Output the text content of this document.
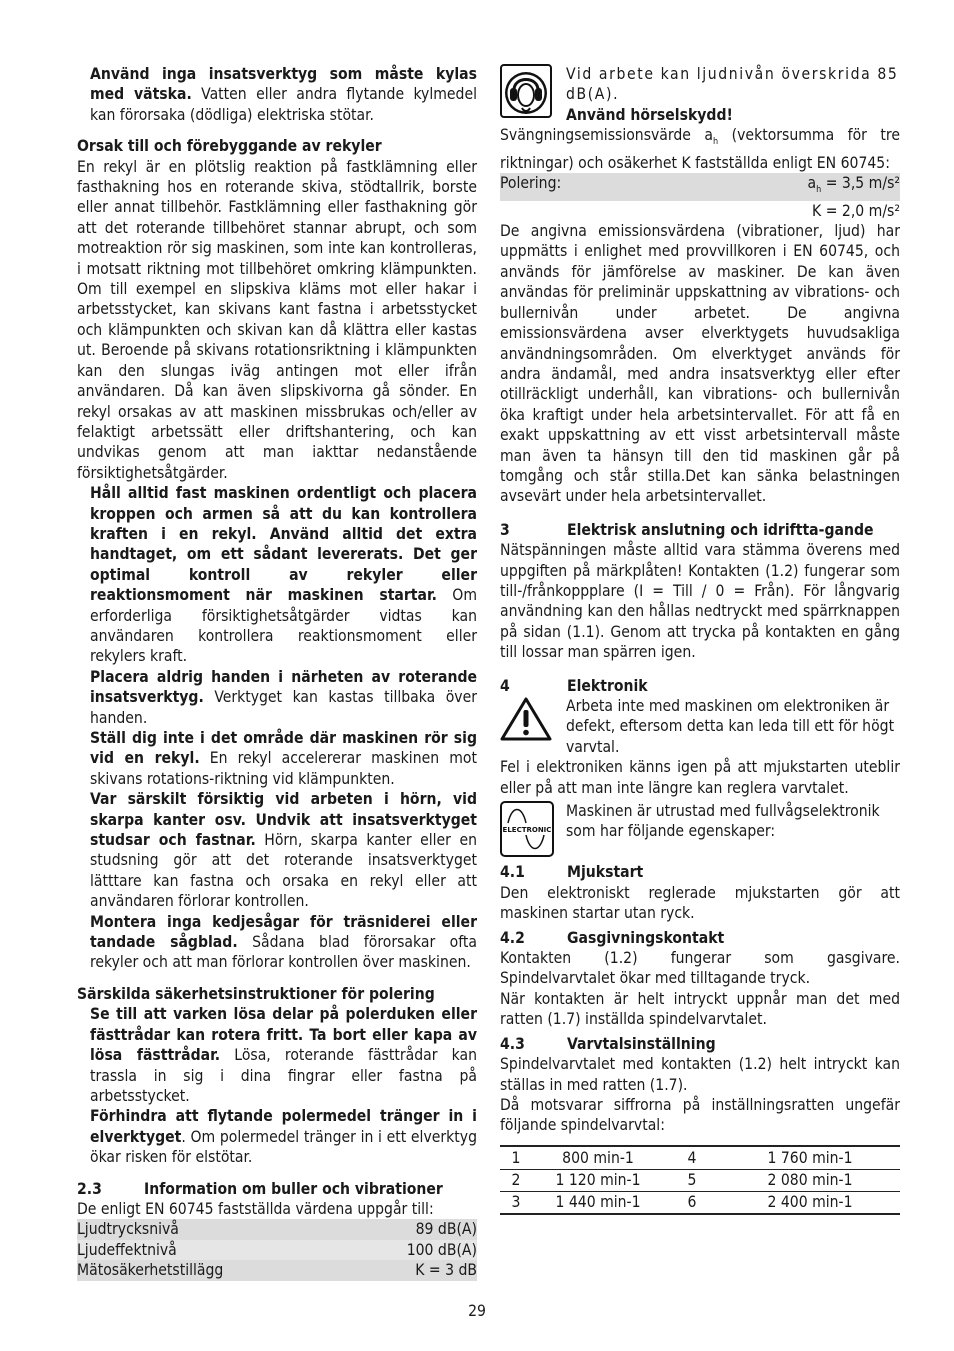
Använd inga insatsverktyg som måste kylas med vätska. Vatten eller andra flytande kylmedel kan förorsaka (dödliga) elektriska stötar.

Orsak till och förebyggande av rekyler

En rekyl är en plötslig reaktion på fastklämning eller fasthakning hos en roterande skiva, stödtallrik, borste eller annat tillbehör. Fastklämning eller fasthakning gör att det roterande tillbehöret stannar abrupt, och som motreaktion rör sig maskinen, som inte kan kontrolleras, i motsatt riktning mot tillbehöret omkring klämpunkten. Om till exempel en slipskiva kläms mot eller hakar i arbetsstycket, kan skivans kant fastna i arbetsstycket och klämpunkten och skivan kan då klättra eller kastas ut. Beroende på skivans rotationsriktning i klämpunkten kan den slungas iväg antingen mot eller ifrån användaren. Då kan även slipskivorna gå sönder. En rekyl orsakas av att maskinen missbrukas och/eller av felaktigt arbetssätt eller driftshantering, och kan undvikas genom att man iakttar nedanstående försiktighetsåtgärder.

Håll alltid fast maskinen ordentligt och placera kroppen och armen så att du kan kontrollera kraften i en rekyl. Använd alltid det extra handtaget, om ett sådant levererats. Det ger optimal kontroll av rekyler eller reaktionsmoment när maskinen startar. Om erforderliga försiktighetsåtgärder vidtas kan användaren kontrollera reaktionsmoment eller rekylers kraft.

Placera aldrig handen i närheten av roterande insatsverktyg. Verktyget kan kastas tillbaka över handen.

Ställ dig inte i det område där maskinen rör sig vid en rekyl. En rekyl accelererar maskinen mot skivans rotations-riktning vid klämpunkten.

Var särskilt försiktig vid arbeten i hörn, vid skarpa kanter osv. Undvik att insatsverktyget studsar och fastnar. Hörn, skarpa kanter eller en studsning gör att det roterande insatsverktyget lätttare kan fastna och orsaka en rekyl eller att användaren förlorar kontrollen.

Montera inga kedjesågar för träsniderei eller tandade sågblad. Sådana blad förorsakar ofta rekyler och att man förlorar kontrollen över maskinen.

Särskilda säkerhetsinstruktioner för polering

Se till att varken lösa delar på polerduken eller fästtrådar kan rotera fritt. Ta bort eller kapa av lösa fästtrådar. Lösa, roterande fästtrådar kan trassla in sig i dina fingrar eller fastna på arbetsstycket.

Förhindra att flytande polermedel tränger in i elverktyget. Om polermedel tränger in i ett elverktyg ökar risken för elstötar.

2.3	Information om buller och vibrationer

De enligt EN 60745 fastställda värdena uppgår till:

Ljudtrycksnivå	89 dB(A)
Ljudeffektnivå	100 dB(A)
Mätosäkerhetstillägg	K = 3 dB

Vid arbete kan ljudnivån överskrida 85 dB(A).

Använd hörselskydd!

Svängningsemissionsvärde $a_h$ (vektorsumma för tre riktningar) och osäkerhet K fastställda enligt EN 60745:

Polering:	$a_h = 3,5$ m/s²
K = 2,0 m/s²

De angivna emissionsvärdena (vibrationer, ljud) har uppmätts i enlighet med provvillkoren i EN 60745, och används för jämförelse av maskiner. De kan även användas för preliminär uppskattning av vibrations- och bullernivån under arbetet. De angivna emissionsvärdena avser elverktygets huvudsakliga användningsområden. Om elverktyget används för andra ändamål, med andra insatsverktyg eller efter otillräckligt underhåll, kan vibrations- och bullernivån öka kraftigt under hela arbetsintervallet. För att få en exakt uppskattning av ett visst arbetsintervall måste man även ta hänsyn till den tid maskinen går på tomgång och står stilla.Det kan sänka belastningen avsevärt under hela arbetsintervallet.

3	Elektrisk anslutning och idriftta-gande

Nätspänningen måste alltid vara stämma överens med uppgiften på märkplåten! Kontakten (1.2) fungerar som till-/frånkoppplare (I = Till / 0 = Från). För långvarig användning kan den hållas nedtryckt med spärrknappen på sidan (1.1). Genom att trycka på kontakten en gång till lossar man spärren igen.

4	Elektronik

Arbeta inte med maskinen om elektroniken är defekt, eftersom detta kan leda till ett för högt varvtal.

Fel i elektroniken känns igen på att mjukstarten uteblir eller på att man inte längre kan reglera varvtalet.

ELECTRONIC

Maskinen är utrustad med fullvågselektronik som har följande egenskaper:

4.1	Mjukstart

Den elektroniskt reglerade mjukstarten gör att maskinen startar utan ryck.

4.2	Gasgivningskontakt

Kontakten (1.2) fungerar som gasgivare. Spindelvarvtalet ökar med tilltagande tryck.

När kontakten är helt intryckt uppnår man det med ratten (1.7) inställda spindelvarvtalet.

4.3	Varvtalsinställning

Spindelvarvtalet med kontakten (1.2) helt intryckt kan ställas in med ratten (1.7).

Då motsvarar siffrorna på inställningsratten ungefär följande spindelvarvtal:

1	800 min-1	4	1 760 min-1
2	1 120 min-1	5	2 080 min-1
3	1 440 min-1	6	2 400 min-1
29
